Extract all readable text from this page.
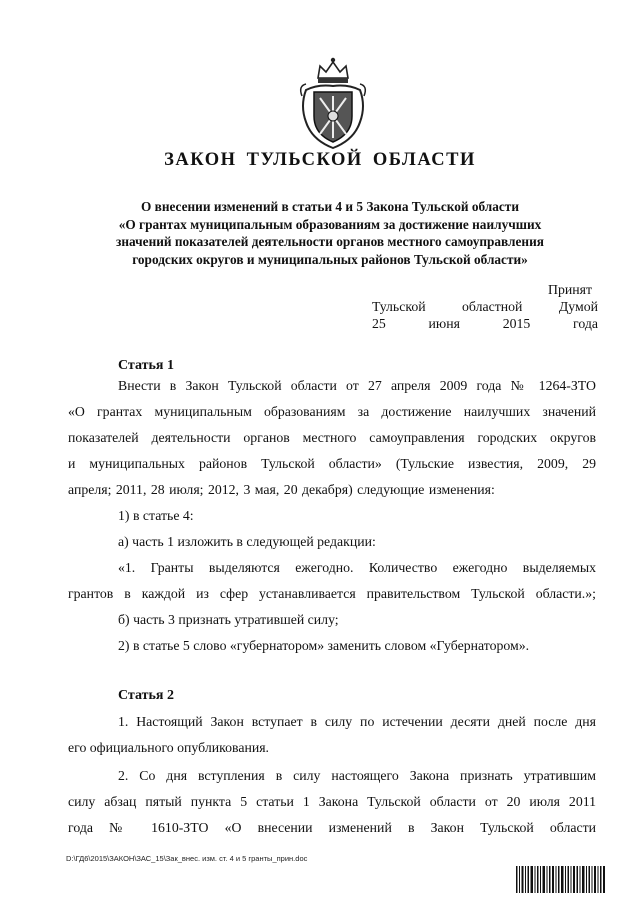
ЗАКОН ТУЛЬСКОЙ ОБЛАСТИ
О внесении изменений в статьи 4 и 5 Закона Тульской области
«О грантах муниципальным образованиям за достижение наилучших
значений показателей деятельности органов местного самоуправления
городских округов и муниципальных районов Тульской области»
Принят
Тульской	областной	Думой
25	июня	2015	года
Статья 1
Внести в Закон Тульской области от 27 апреля 2009 года № 1264-ЗТО
«О грантах муниципальным образованиям за достижение наилучших значений
показателей деятельности органов местного самоуправления городских округов
и муниципальных районов Тульской области» (Тульские известия, 2009, 29
апреля; 2011, 28 июля; 2012, 3 мая, 20 декабря) следующие изменения:
1) в статье 4:
а) часть 1 изложить в следующей редакции:
«1. Гранты выделяются ежегодно. Количество ежегодно выделяемых
грантов в каждой из сфер устанавливается правительством Тульской области.»;
б) часть 3 признать утратившей силу;
2) в статье 5 слово «губернатором» заменить словом «Губернатором».
Статья 2
1. Настоящий Закон вступает в силу по истечении десяти дней после дня
его официального опубликования.
2. Со дня вступления в силу настоящего Закона признать утратившим
силу абзац пятый пункта 5 статьи 1 Закона Тульской области от 20 июля 2011
года № 1610-ЗТО «О внесении изменений в Закон Тульской области
D:\ГД6\2015\ЗАКОН\ЗАС_15\Зак_внес. изм. ст. 4 и 5 гранты_прин.doc
